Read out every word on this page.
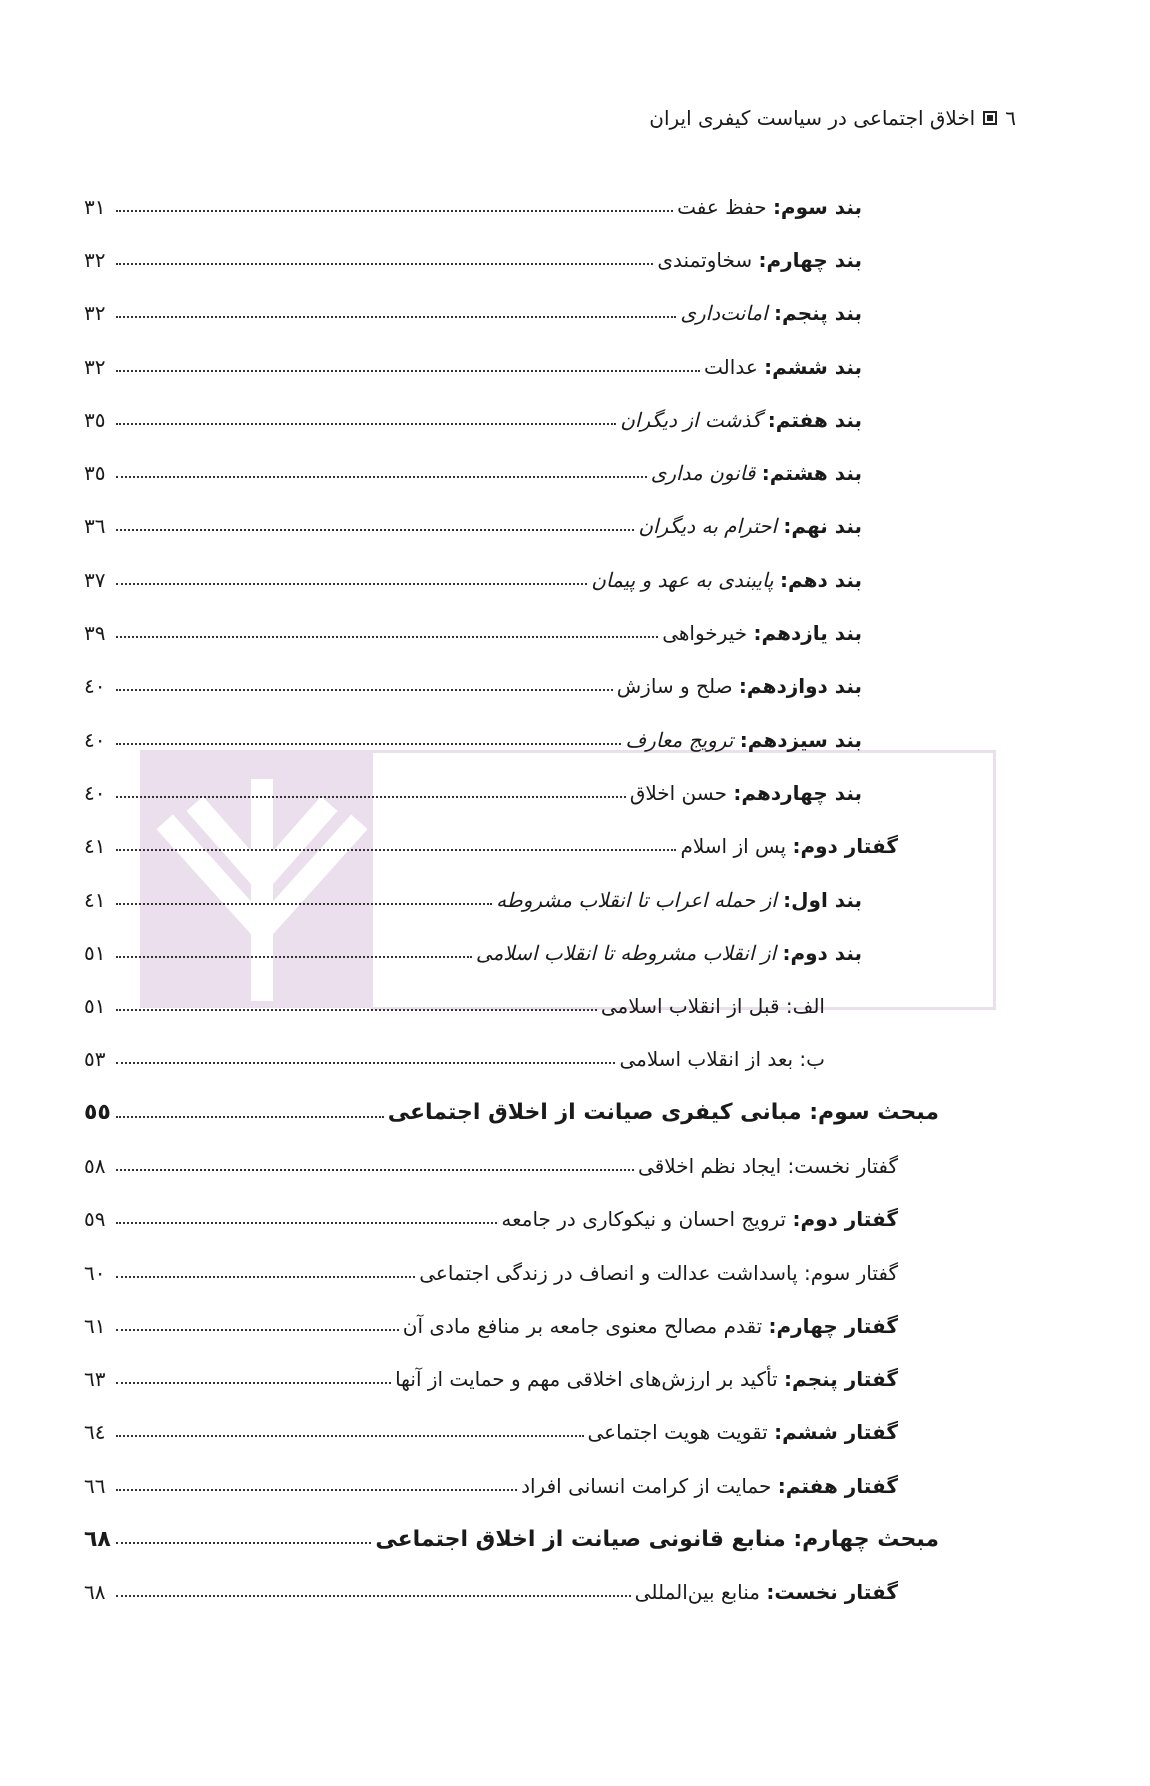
٦
اخلاق اجتماعی در سیاست کیفری ایران
بند سوم: حفظ عفت
٣١
بند چهارم: سخاوتمندی
٣٢
بند پنجم: امانت‌داری
٣٢
بند ششم: عدالت
٣٢
بند هفتم: گذشت از دیگران
٣٥
بند هشتم: قانون مداری
٣٥
بند نهم: احترام به دیگران
٣٦
بند دهم: پایبندی به عهد و پیمان
٣٧
بند یازدهم: خیرخواهی
٣٩
بند دوازدهم: صلح و سازش
٤٠
بند سیزدهم: ترویج معارف
٤٠
بند چهاردهم: حسن اخلاق
٤٠
گفتار دوم: پس از اسلام
٤١
بند اول: از حمله اعراب تا انقلاب مشروطه
٤١
بند دوم: از انقلاب مشروطه تا انقلاب اسلامی
٥١
الف: قبل از انقلاب اسلامی
٥١
ب: بعد از انقلاب اسلامی
٥٣
مبحث سوم: مبانی کیفری صیانت از اخلاق اجتماعی
٥٥
گفتار نخست: ایجاد نظم اخلاقی
٥٨
گفتار دوم: ترویج احسان و نیکوکاری در جامعه
٥٩
گفتار سوم: پاسداشت عدالت و انصاف در زندگی اجتماعی
٦٠
گفتار چهارم: تقدم مصالح معنوی جامعه بر منافع مادی آن
٦١
گفتار پنجم: تأکید بر ارزش‌های اخلاقی مهم و حمایت از آنها
٦٣
گفتار ششم: تقویت هویت اجتماعی
٦٤
گفتار هفتم: حمایت از کرامت انسانی افراد
٦٦
مبحث چهارم: منابع قانونی صیانت از اخلاق اجتماعی
٦٨
گفتار نخست: منابع بین‌المللی
٦٨
